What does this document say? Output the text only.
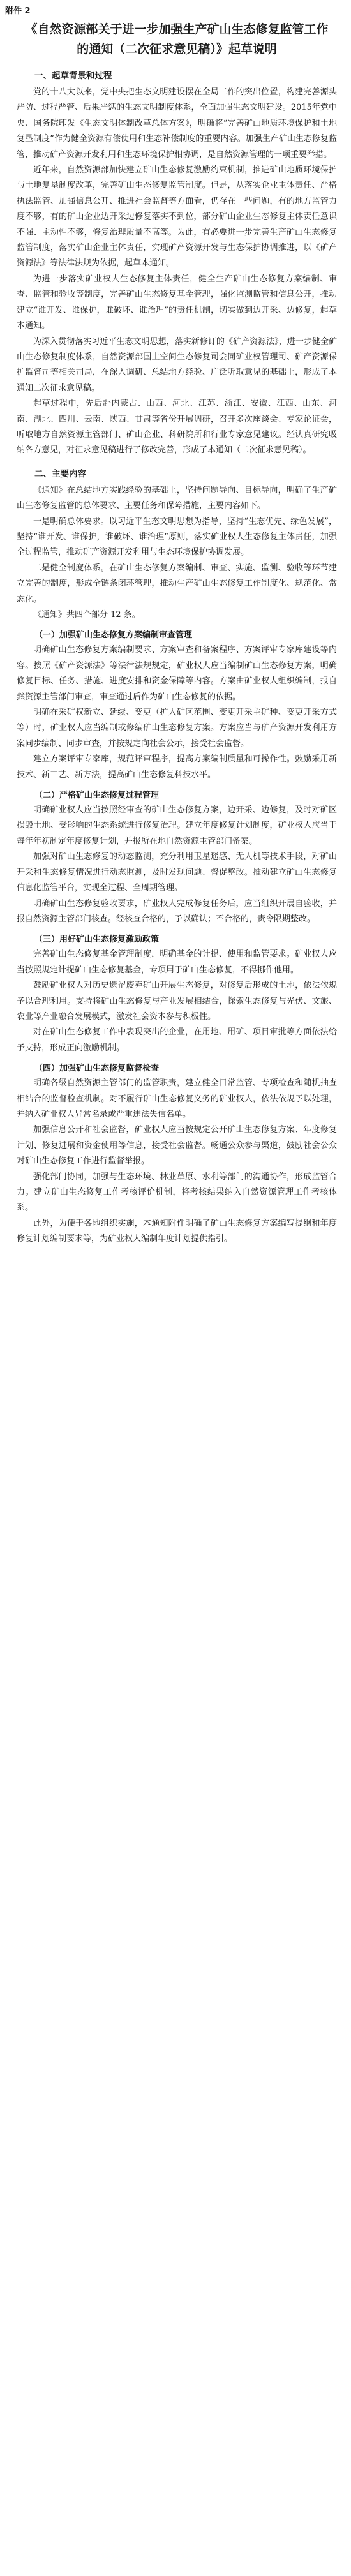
附件 2
《自然资源部关于进一步加强生产矿山生态修复监管工作的通知（二次征求意见稿）》起草说明
一、起草背景和过程

党的十八大以来，党中央把生态文明建设摆在全局工作的突出位置，构建完善源头严防、过程严管、后果严惩的生态文明制度体系，全面加强生态文明建设。2015年党中央、国务院印发《生态文明体制改革总体方案》，明确将“完善矿山地质环境保护和土地复垦制度”作为健全资源有偿使用和生态补偿制度的重要内容。加强生产矿山生态修复监管，推动矿产资源开发利用和生态环境保护相协调，是自然资源管理的一项重要举措。

近年来，自然资源部加快建立矿山生态修复激励约束机制，推进矿山地质环境保护与土地复垦制度改革，完善矿山生态修复监管制度。但是，从落实企业主体责任、严格执法监管、加强信息公开、推进社会监督等方面看，仍存在一些问题，有的地方监管力度不够，有的矿山企业边开采边修复落实不到位，部分矿山企业生态修复主体责任意识不强、主动性不够，修复治理质量不高等。为此，有必要进一步完善生产矿山生态修复监管制度，落实矿山企业主体责任，实现矿产资源开发与生态保护协调推进，以《矿产资源法》等法律法规为依据，起草本通知。

为进一步落实矿业权人生态修复主体责任，健全生产矿山生态修复方案编制、审查、监管和验收等制度，完善矿山生态修复基金管理，强化监测监管和信息公开，推动建立“谁开发、谁保护，谁破坏、谁治理”的责任机制，切实做到边开采、边修复，起草本通知。

为深入贯彻落实习近平生态文明思想，落实新修订的《矿产资源法》，进一步健全矿山生态修复制度体系，自然资源部国土空间生态修复司会同矿业权管理司、矿产资源保护监督司等相关司局，在深入调研、总结地方经验、广泛听取意见的基础上，形成了本通知二次征求意见稿。

起草过程中，先后赴内蒙古、山西、河北、江苏、浙江、安徽、江西、山东、河南、湖北、四川、云南、陕西、甘肃等省份开展调研，召开多次座谈会、专家论证会，听取地方自然资源主管部门、矿山企业、科研院所和行业专家意见建议。经认真研究吸纳各方意见，对征求意见稿进行了修改完善，形成了本通知（二次征求意见稿）。

二、主要内容

《通知》在总结地方实践经验的基础上，坚持问题导向、目标导向，明确了生产矿山生态修复监管的总体要求、主要任务和保障措施，主要内容如下。

一是明确总体要求。以习近平生态文明思想为指导，坚持“生态优先、绿色发展”，坚持“谁开发、谁保护，谁破坏、谁治理”原则，落实矿业权人生态修复主体责任，加强全过程监管，推动矿产资源开发利用与生态环境保护协调发展。

二是健全制度体系。在矿山生态修复方案编制、审查、实施、监测、验收等环节建立完善的制度，形成全链条闭环管理，推动生产矿山生态修复工作制度化、规范化、常态化。

《通知》共四个部分 12 条。

（一）加强矿山生态修复方案编制审查管理

明确矿山生态修复方案编制要求、方案审查和备案程序、方案评审专家库建设等内容。按照《矿产资源法》等法律法规规定，矿业权人应当编制矿山生态修复方案，明确修复目标、任务、措施、进度安排和资金保障等内容。方案由矿业权人组织编制，报自然资源主管部门审查，审查通过后作为矿山生态修复的依据。

明确在采矿权新立、延续、变更（扩大矿区范围、变更开采主矿种、变更开采方式等）时，矿业权人应当编制或修编矿山生态修复方案。方案应当与矿产资源开发利用方案同步编制、同步审查，并按规定向社会公示，接受社会监督。

建立方案评审专家库，规范评审程序，提高方案编制质量和可操作性。鼓励采用新技术、新工艺、新方法，提高矿山生态修复科技水平。

（二）严格矿山生态修复过程管理

明确矿业权人应当按照经审查的矿山生态修复方案，边开采、边修复，及时对矿区损毁土地、受影响的生态系统进行修复治理。建立年度修复计划制度，矿业权人应当于每年年初制定年度修复计划，并报所在地自然资源主管部门备案。

加强对矿山生态修复的动态监测，充分利用卫星遥感、无人机等技术手段，对矿山开采和生态修复情况进行动态监测，及时发现问题、督促整改。推动建立矿山生态修复信息化监管平台，实现全过程、全周期管理。

明确矿山生态修复验收要求，矿业权人完成修复任务后，应当组织开展自验收，并报自然资源主管部门核查。经核查合格的，予以确认；不合格的，责令限期整改。

（三）用好矿山生态修复激励政策

完善矿山生态修复基金管理制度，明确基金的计提、使用和监管要求。矿业权人应当按照规定计提矿山生态修复基金，专项用于矿山生态修复，不得挪作他用。

鼓励矿业权人对历史遗留废弃矿山开展生态修复，对修复后形成的土地，依法依规予以合理利用。支持将矿山生态修复与产业发展相结合，探索生态修复与光伏、文旅、农业等产业融合发展模式，激发社会资本参与积极性。

对在矿山生态修复工作中表现突出的企业，在用地、用矿、项目审批等方面依法给予支持，形成正向激励机制。

（四）加强矿山生态修复监督检查

明确各级自然资源主管部门的监管职责，建立健全日常监管、专项检查和随机抽查相结合的监督检查机制。对不履行矿山生态修复义务的矿业权人，依法依规予以处理，并纳入矿业权人异常名录或严重违法失信名单。

加强信息公开和社会监督，矿业权人应当按规定公开矿山生态修复方案、年度修复计划、修复进展和资金使用等信息，接受社会监督。畅通公众参与渠道，鼓励社会公众对矿山生态修复工作进行监督举报。

强化部门协同，加强与生态环境、林业草原、水利等部门的沟通协作，形成监管合力。建立矿山生态修复工作考核评价机制，将考核结果纳入自然资源管理工作考核体系。

此外，为便于各地组织实施，本通知附件明确了矿山生态修复方案编写提纲和年度修复计划编制要求等，为矿业权人编制年度计划提供指引。
